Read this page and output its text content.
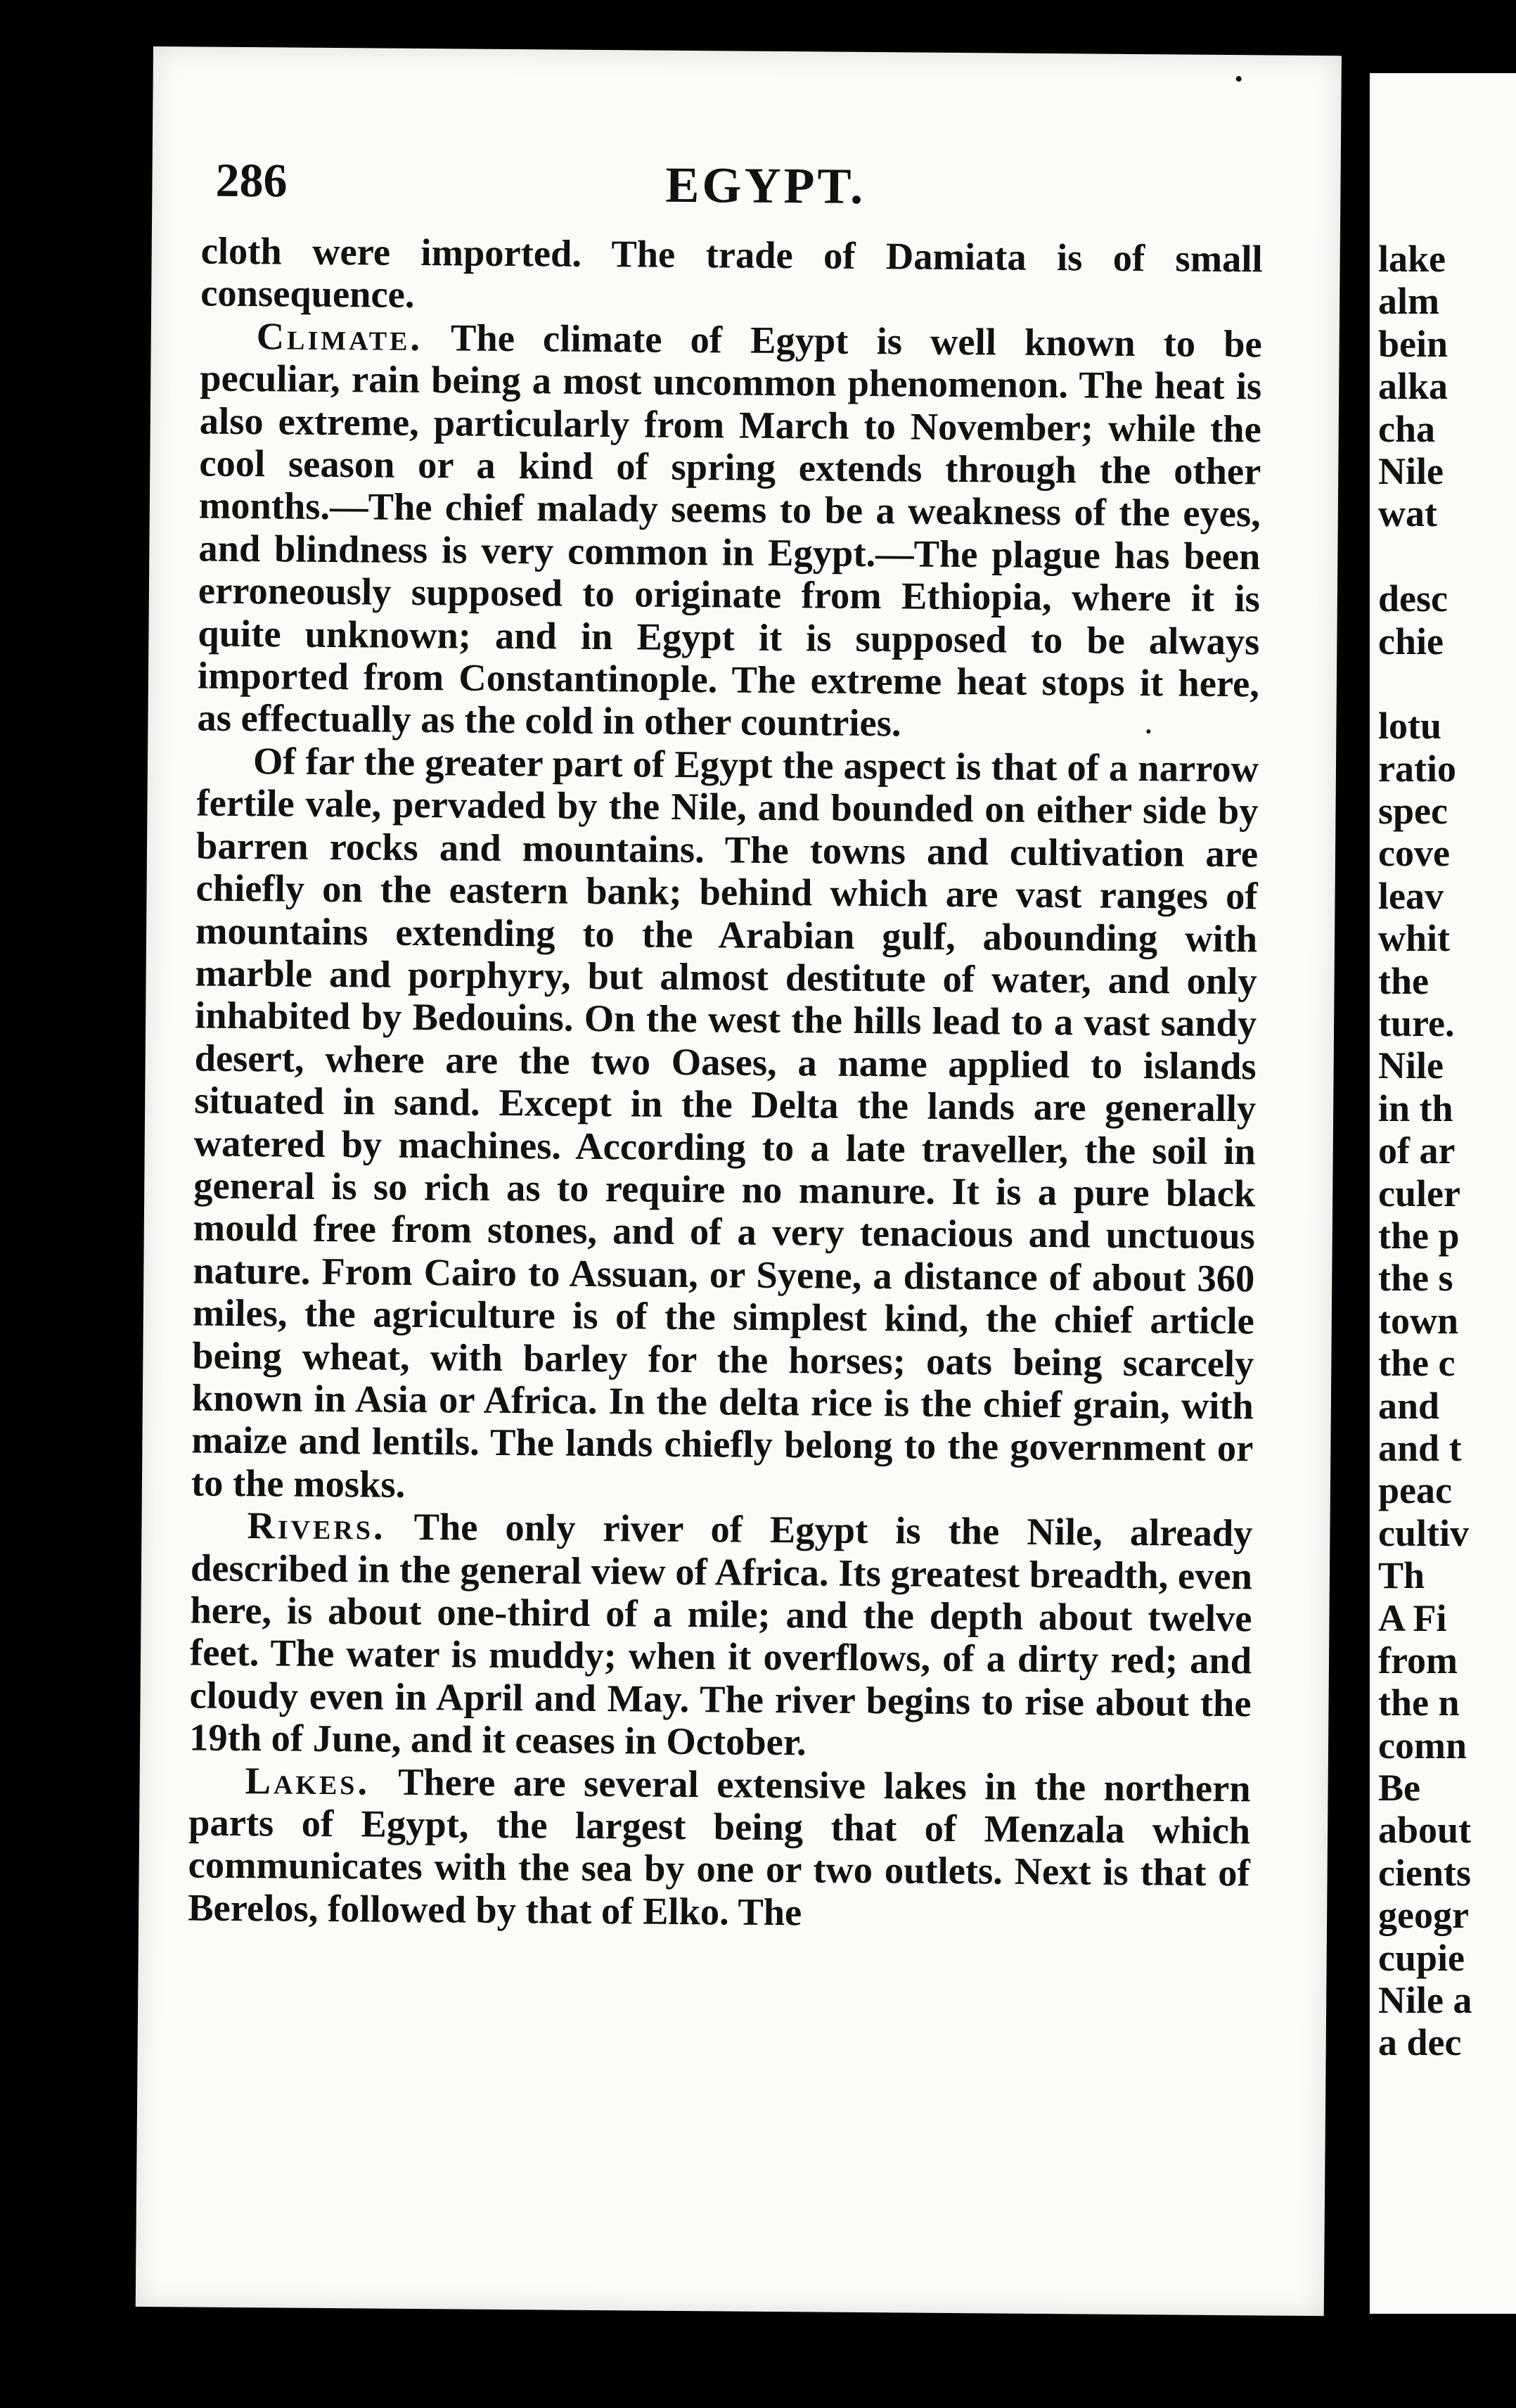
286	EGYPT.

cloth were imported. The trade of Damiata is of small consequence.

Climate. The climate of Egypt is well known to be peculiar, rain being a most uncommon phenomenon. The heat is also extreme, particularly from March to November; while the cool season or a kind of spring extends through the other months.—The chief malady seems to be a weakness of the eyes, and blindness is very common in Egypt.—The plague has been erroneously supposed to originate from Ethiopia, where it is quite unknown; and in Egypt it is supposed to be always imported from Constantinople. The extreme heat stops it here, as effectually as the cold in other countries.

Of far the greater part of Egypt the aspect is that of a narrow fertile vale, pervaded by the Nile, and bounded on either side by barren rocks and mountains. The towns and cultivation are chiefly on the eastern bank; behind which are vast ranges of mountains extending to the Arabian gulf, abounding with marble and porphyry, but almost destitute of water, and only inhabited by Bedouins. On the west the hills lead to a vast sandy desert, where are the two Oases, a name applied to islands situated in sand. Except in the Delta the lands are generally watered by machines. According to a late traveller, the soil in general is so rich as to require no manure. It is a pure black mould free from stones, and of a very tenacious and unctuous nature. From Cairo to Assuan, or Syene, a distance of about 360 miles, the agriculture is of the simplest kind, the chief article being wheat, with barley for the horses; oats being scarcely known in Asia or Africa. In the delta rice is the chief grain, with maize and lentils. The lands chiefly belong to the government or to the mosks.

Rivers. The only river of Egypt is the Nile, already described in the general view of Africa. Its greatest breadth, even here, is about one-third of a mile; and the depth about twelve feet. The water is muddy; when it overflows, of a dirty red; and cloudy even in April and May. The river begins to rise about the 19th of June, and it ceases in October.

Lakes. There are several extensive lakes in the northern parts of Egypt, the largest being that of Menzala which communicates with the sea by one or two outlets. Next is that of Berelos, followed by that of Elko. The

lake
alm
bein
alka
cha
Nile
wat
desc
chie
lotu
ratio
spec
cove
leav
whit
the
ture.
Nile
in th
of ar
culer
the p
the s
town
the c
and
and t
peac
cultiv
Th
A Fi
from
the n
comn
Be
about
cients
geogr
cupie
Nile a
a dec
